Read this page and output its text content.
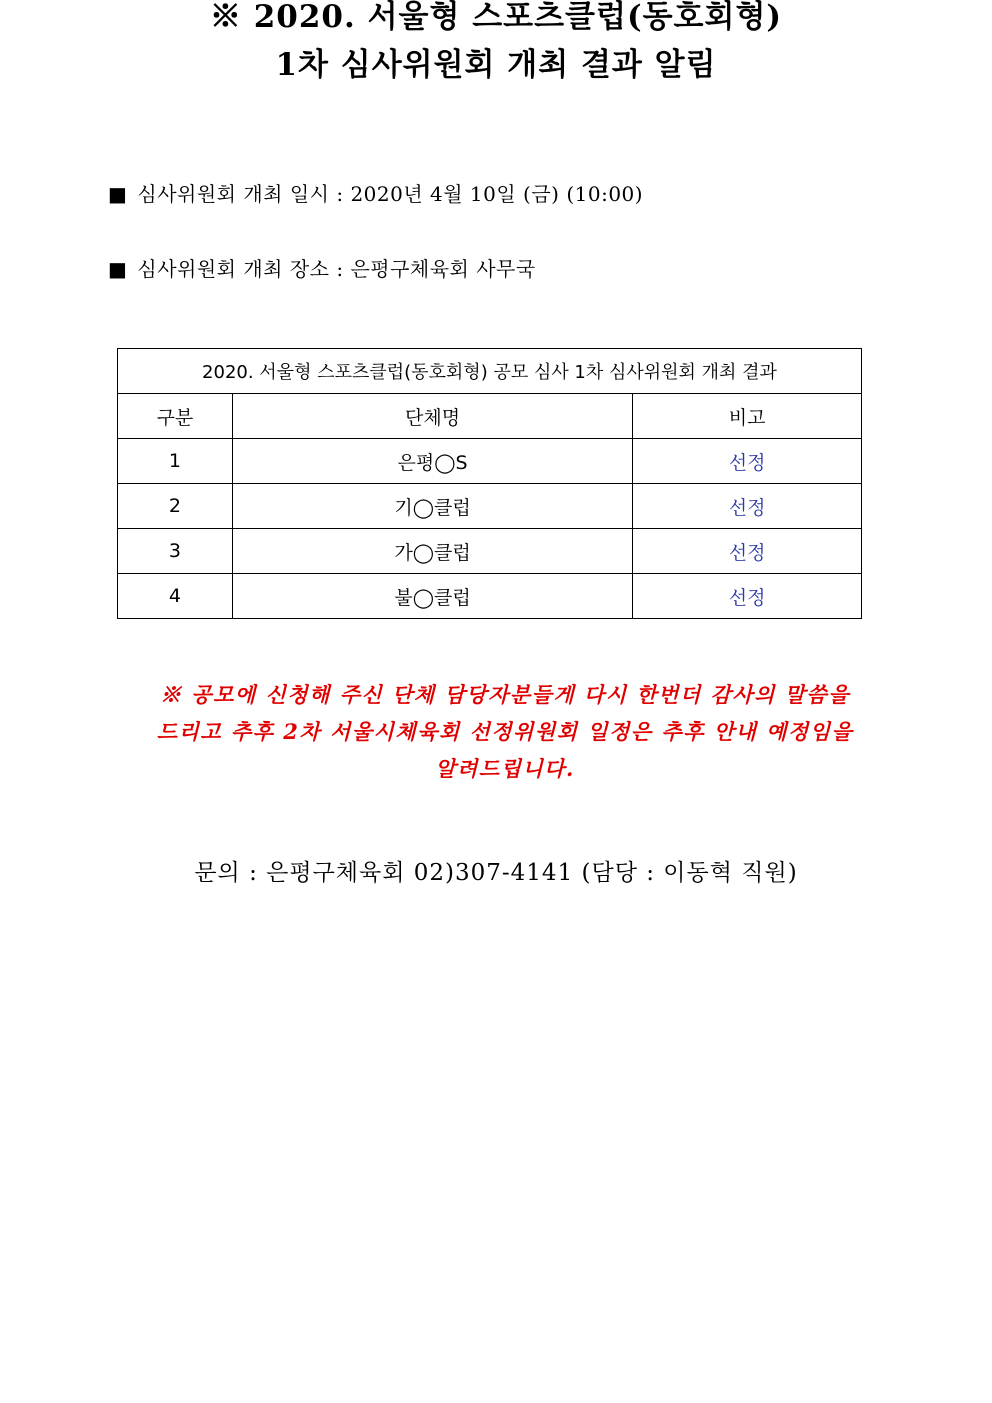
※ 2020. 서울형 스포츠클럽(동호회형)
1차 심사위원회 개최 결과 알림
■ 심사위원회 개최 일시 : 2020년 4월 10일 (금) (10:00)
■ 심사위원회 개최 장소 : 은평구체육회 사무국
2020. 서울형 스포츠클럽(동호회형) 공모 심사 1차 심사위원회 개최 결과		
구분	단체명	비고
1	은평◯S	선정
2	기◯클럽	선정
3	가◯클럽	선정
4	불◯클럽	선정
※ 공모에 신청해 주신 단체 담당자분들게 다시 한번더 감사의 말씀을
드리고 추후 2차 서울시체육회 선정위원회 일정은 추후 안내 예정임을
알려드립니다.
문의 : 은평구체육회 02)307-4141 (담당 : 이동혁 직원)
